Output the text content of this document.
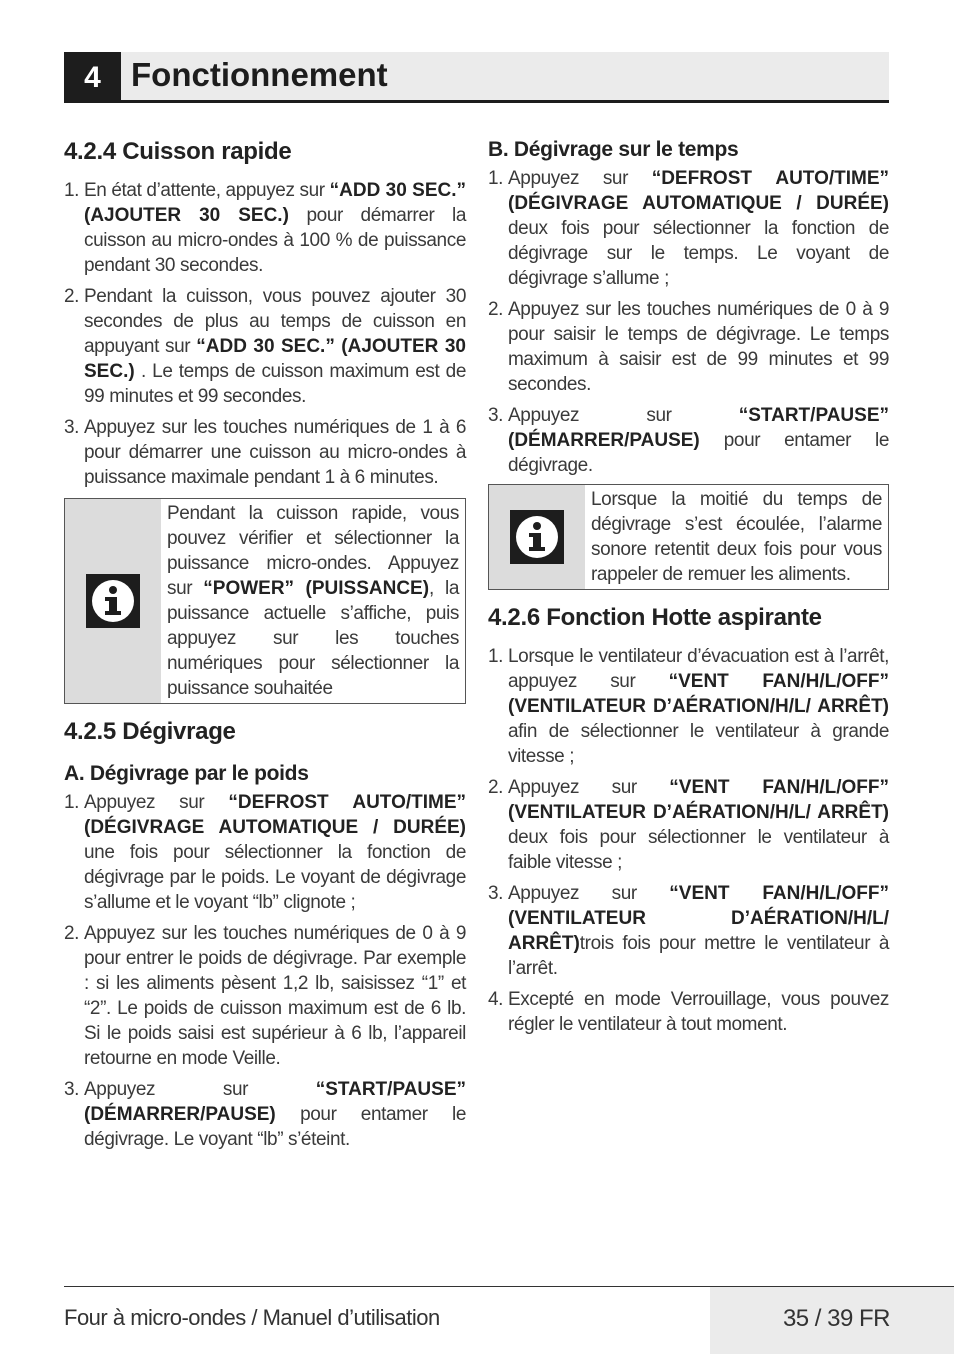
4 Fonctionnement
4.2.4 Cuisson rapide
1. En état d’attente, appuyez sur “ADD 30 SEC.” (AJOUTER 30 SEC.) pour démarrer la cuisson au micro-ondes à 100 % de puissance pendant 30 secondes.
2. Pendant la cuisson, vous pouvez ajouter 30 secondes de plus au temps de cuisson en appuyant sur “ADD 30 SEC.” (AJOUTER 30 SEC.) . Le temps de cuisson maximum est de 99 minutes et 99 secondes.
3. Appuyez sur les touches numériques de 1 à 6 pour démarrer une cuisson au micro-ondes à puissance maximale pendant 1 à 6 minutes.
Pendant la cuisson rapide, vous pouvez vérifier et sélectionner la puissance micro-ondes. Appuyez sur “POWER” (PUISSANCE), la puissance actuelle s’affiche, puis appuyez sur les touches numériques pour sélectionner la puissance souhaitée
4.2.5 Dégivrage
A. Dégivrage par le poids
1. Appuyez sur “DEFROST AUTO/TIME” (DÉGIVRAGE AUTOMATIQUE / DURÉE) une fois pour sélectionner la fonction de dégivrage par le poids. Le voyant de dégivrage s’allume et le voyant “lb” clignote ;
2. Appuyez sur les touches numériques de 0 à 9 pour entrer le poids de dégivrage. Par exemple : si les aliments pèsent 1,2 lb, saisissez “1” et “2”. Le poids de cuisson maximum est de 6 lb. Si le poids saisi est supérieur à 6 lb, l’appareil retourne en mode Veille.
3. Appuyez sur “START/PAUSE” (DÉMARRER/PAUSE) pour entamer le dégivrage. Le voyant “lb” s’éteint.
B. Dégivrage sur le temps
1. Appuyez sur “DEFROST AUTO/TIME” (DÉGIVRAGE AUTOMATIQUE / DURÉE) deux fois pour sélectionner la fonction de dégivrage sur le temps. Le voyant de dégivrage s’allume ;
2. Appuyez sur les touches numériques de 0 à 9 pour saisir le temps de dégivrage. Le temps maximum à saisir est de 99 minutes et 99 secondes.
3. Appuyez sur “START/PAUSE” (DÉMARRER/PAUSE) pour entamer le dégivrage.
Lorsque la moitié du temps de dégivrage s’est écoulée, l’alarme sonore retentit deux fois pour vous rappeler de remuer les aliments.
4.2.6 Fonction Hotte aspirante
1. Lorsque le ventilateur d’évacuation est à l’arrêt, appuyez sur “VENT FAN/H/L/OFF” (VENTILATEUR D’AÉRATION/H/L/ ARRÊT) afin de sélectionner le ventilateur à grande vitesse ;
2. Appuyez sur “VENT FAN/H/L/OFF” (VENTILATEUR D’AÉRATION/H/L/ ARRÊT) deux fois pour sélectionner le ventilateur à faible vitesse ;
3. Appuyez sur “VENT FAN/H/L/OFF” (VENTILATEUR D’AÉRATION/H/L/ ARRÊT)trois fois pour mettre le ventilateur à l’arrêt.
4. Excepté en mode Verrouillage, vous pouvez régler le ventilateur à tout moment.
Four à micro-ondes / Manuel d’utilisation	35 / 39 FR
